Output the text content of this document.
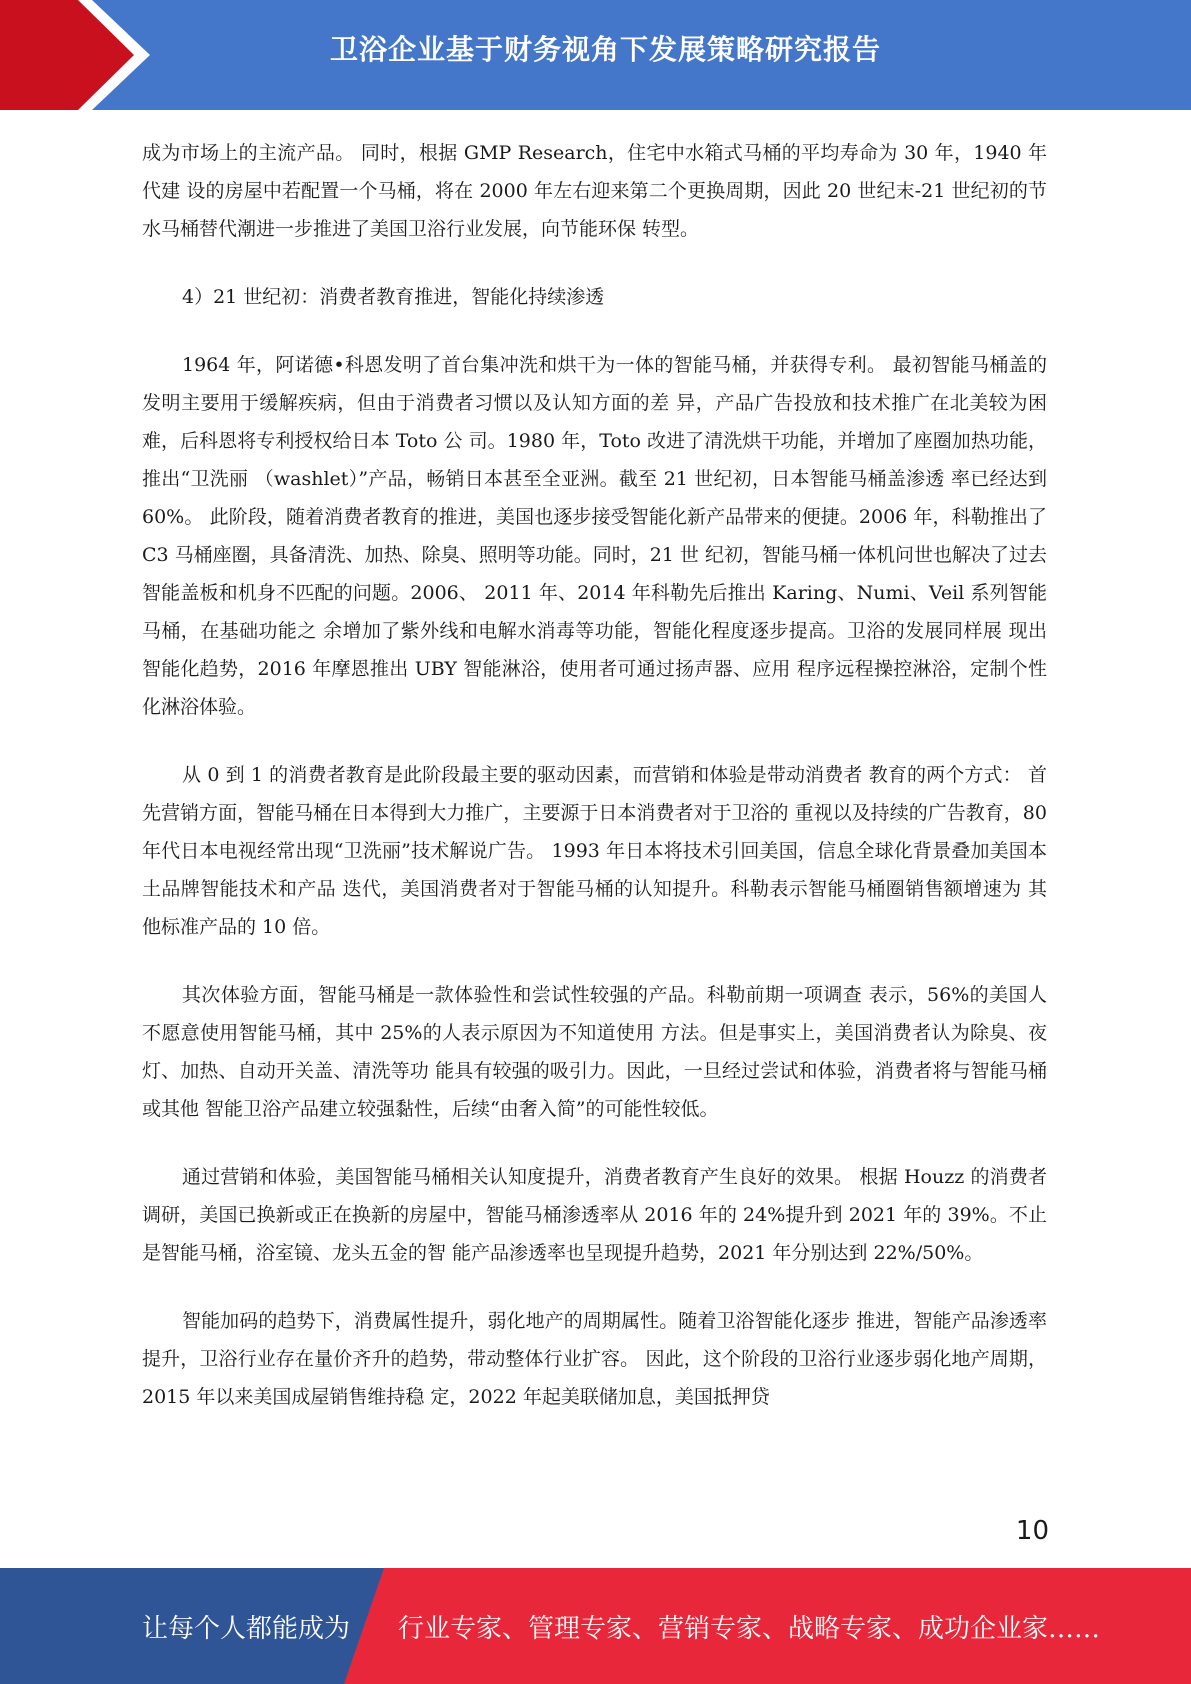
卫浴企业基于财务视角下发展策略研究报告

成为市场上的主流产品。 同时，根据 GMP Research，住宅中水箱式马桶的平均寿命为 30 年，1940 年代建 设的房屋中若配置一个马桶，将在 2000 年左右迎来第二个更换周期，因此 20 世纪末-21 世纪初的节水马桶替代潮进一步推进了美国卫浴行业发展，向节能环保 转型。

4）21 世纪初：消费者教育推进，智能化持续渗透

1964 年，阿诺德•科恩发明了首台集冲洗和烘干为一体的智能马桶，并获得专利。 最初智能马桶盖的发明主要用于缓解疾病，但由于消费者习惯以及认知方面的差 异，产品广告投放和技术推广在北美较为困难，后科恩将专利授权给日本 Toto 公 司。1980 年，Toto 改进了清洗烘干功能，并增加了座圈加热功能，推出“卫洗丽 （washlet）”产品，畅销日本甚至全亚洲。截至 21 世纪初，日本智能马桶盖渗透 率已经达到 60%。 此阶段，随着消费者教育的推进，美国也逐步接受智能化新产品带来的便捷。2006 年，科勒推出了 C3 马桶座圈，具备清洗、加热、除臭、照明等功能。同时，21 世 纪初，智能马桶一体机问世也解决了过去智能盖板和机身不匹配的问题。2006、 2011 年、2014 年科勒先后推出 Karing、Numi、Veil 系列智能马桶，在基础功能之 余增加了紫外线和电解水消毒等功能，智能化程度逐步提高。卫浴的发展同样展 现出智能化趋势，2016 年摩恩推出 UBY 智能淋浴，使用者可通过扬声器、应用 程序远程操控淋浴，定制个性化淋浴体验。

从 0 到 1 的消费者教育是此阶段最主要的驱动因素，而营销和体验是带动消费者 教育的两个方式： 首先营销方面，智能马桶在日本得到大力推广，主要源于日本消费者对于卫浴的 重视以及持续的广告教育，80 年代日本电视经常出现“卫洗丽”技术解说广告。 1993 年日本将技术引回美国，信息全球化背景叠加美国本土品牌智能技术和产品 迭代，美国消费者对于智能马桶的认知提升。科勒表示智能马桶圈销售额增速为 其他标准产品的 10 倍。

其次体验方面，智能马桶是一款体验性和尝试性较强的产品。科勒前期一项调查 表示，56%的美国人不愿意使用智能马桶，其中 25%的人表示原因为不知道使用 方法。但是事实上，美国消费者认为除臭、夜灯、加热、自动开关盖、清洗等功 能具有较强的吸引力。因此，一旦经过尝试和体验，消费者将与智能马桶或其他 智能卫浴产品建立较强黏性，后续“由奢入简”的可能性较低。

通过营销和体验，美国智能马桶相关认知度提升，消费者教育产生良好的效果。 根据 Houzz 的消费者调研，美国已换新或正在换新的房屋中，智能马桶渗透率从 2016 年的 24%提升到 2021 年的 39%。不止是智能马桶，浴室镜、龙头五金的智 能产品渗透率也呈现提升趋势，2021 年分别达到 22%/50%。

智能加码的趋势下，消费属性提升，弱化地产的周期属性。随着卫浴智能化逐步 推进，智能产品渗透率提升，卫浴行业存在量价齐升的趋势，带动整体行业扩容。 因此，这个阶段的卫浴行业逐步弱化地产周期，2015 年以来美国成屋销售维持稳 定，2022 年起美联储加息，美国抵押贷

10
让每个人都能成为 行业专家、管理专家、营销专家、战略专家、成功企业家……
